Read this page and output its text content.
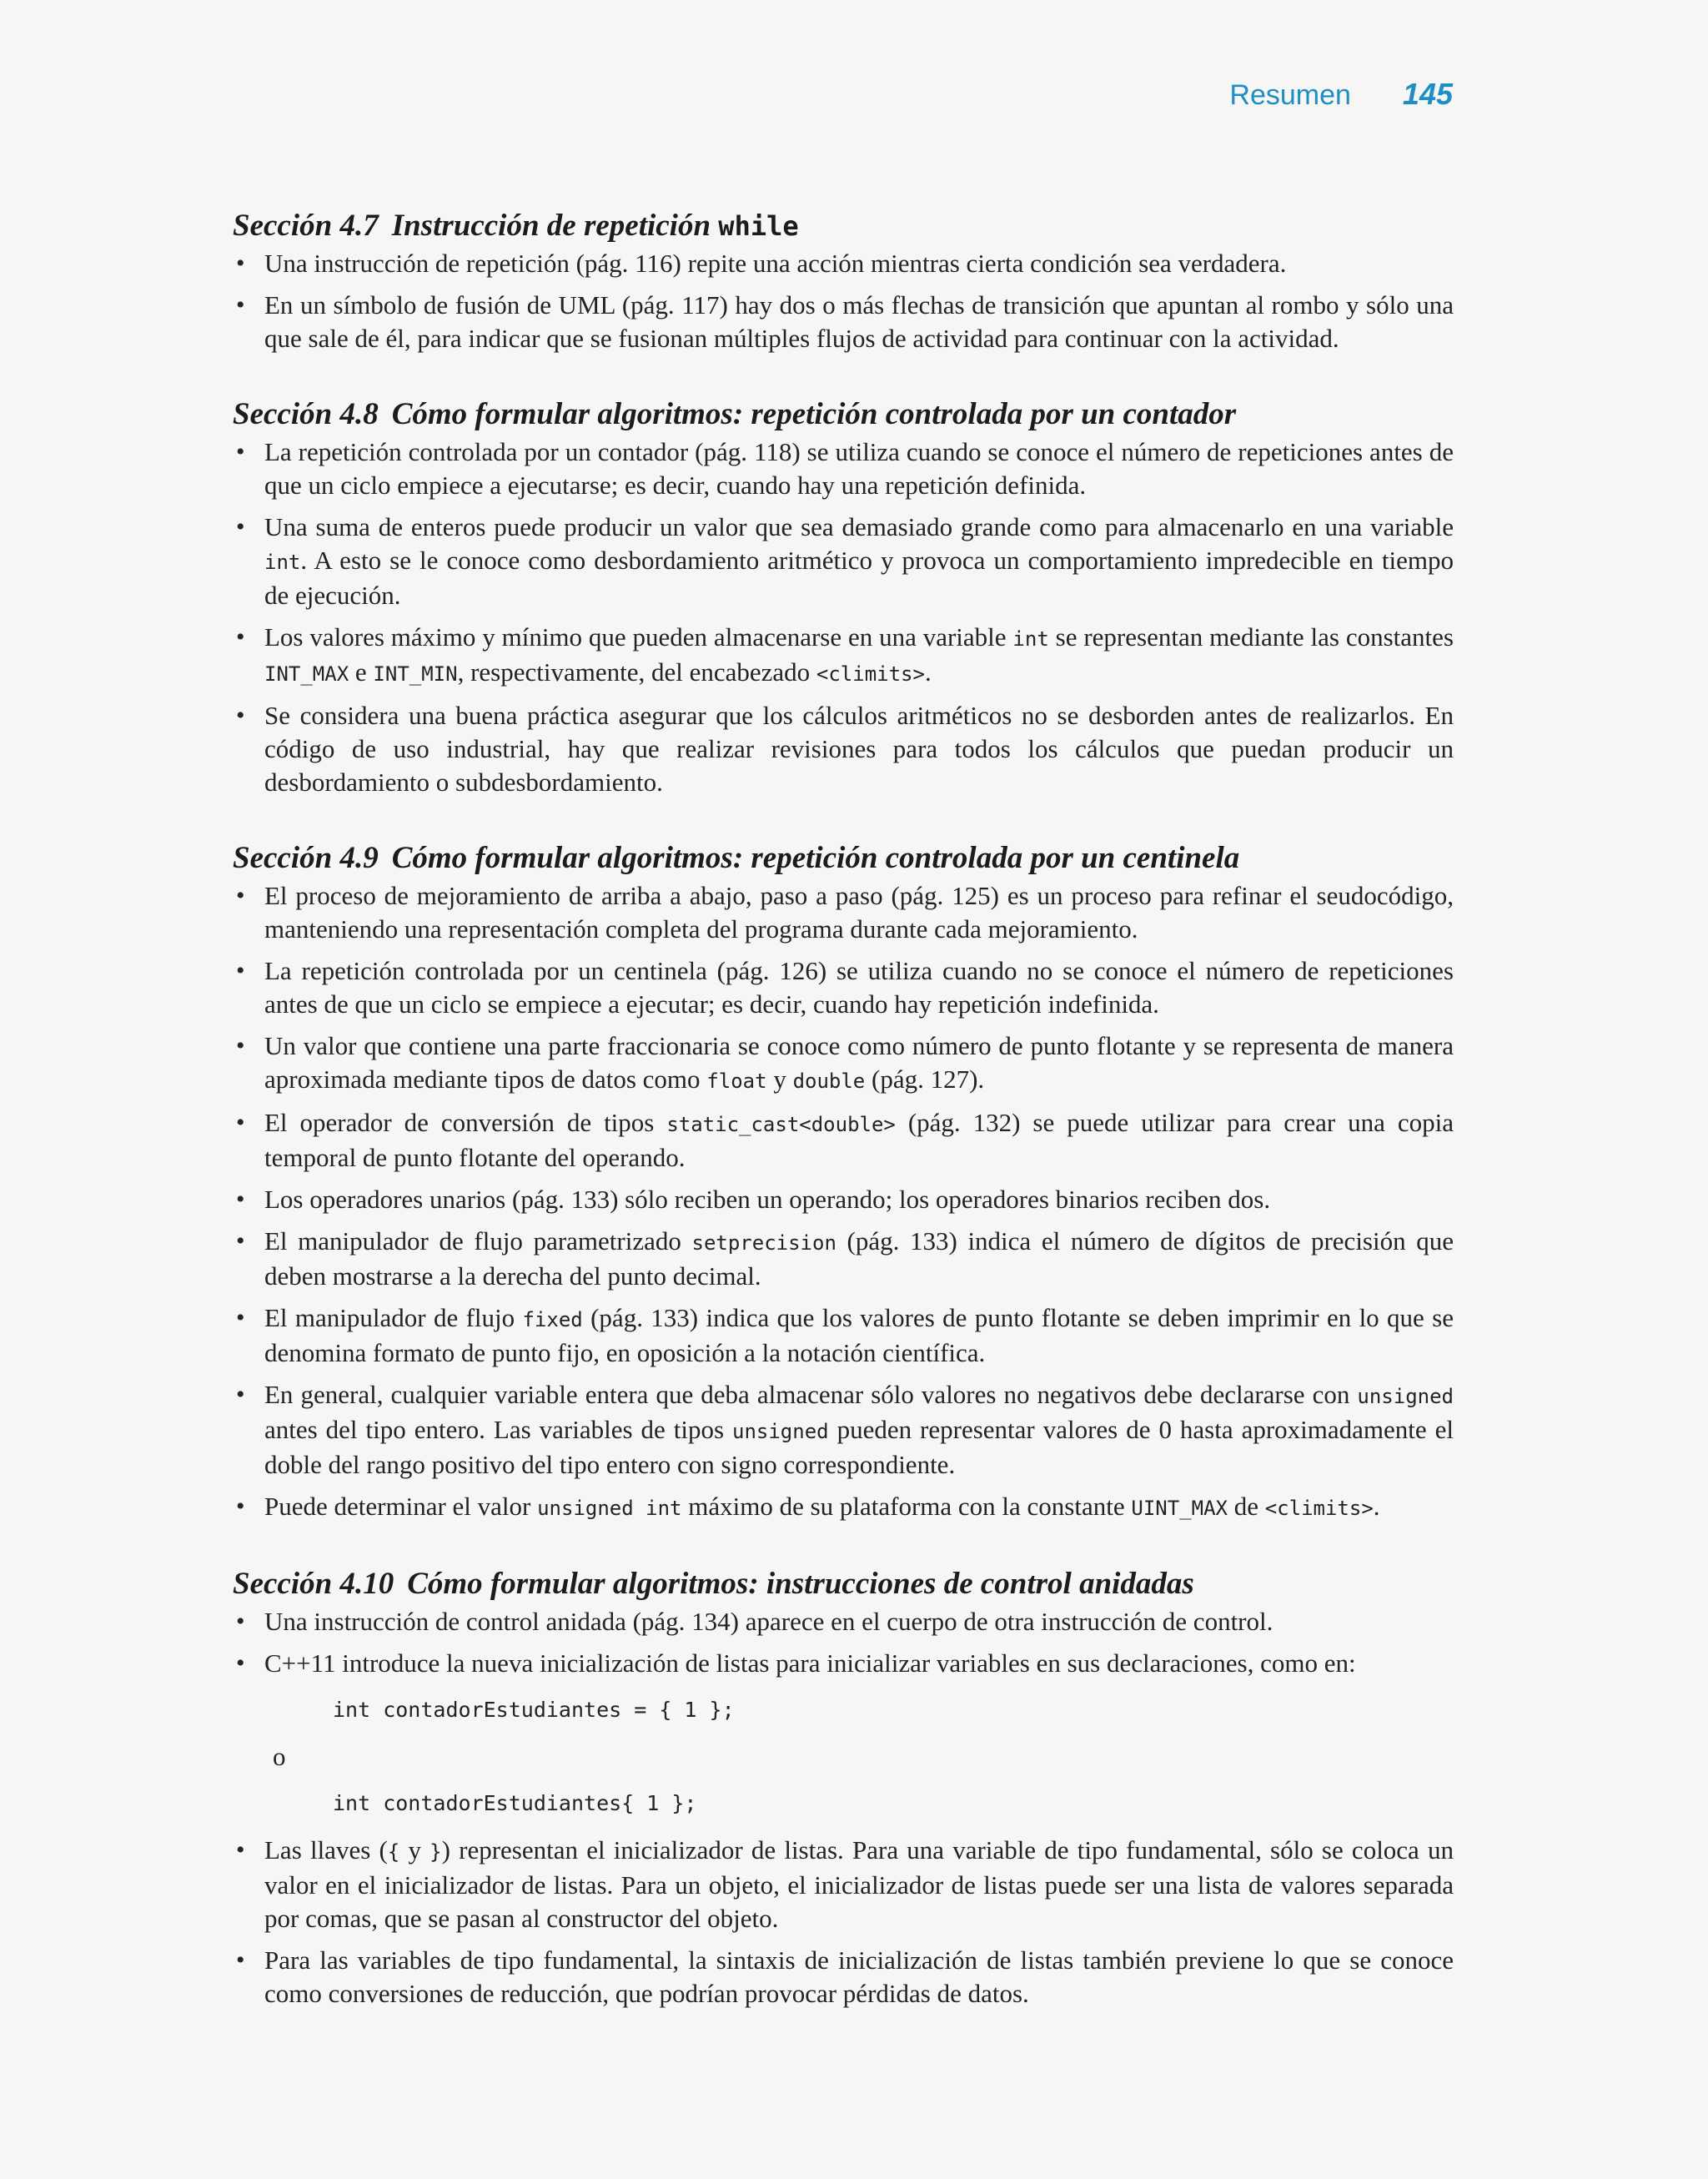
Resumen 145
Sección 4.7 Instrucción de repetición while
• Una instrucción de repetición (pág. 116) repite una acción mientras cierta condición sea verdadera.
• En un símbolo de fusión de UML (pág. 117) hay dos o más flechas de transición que apuntan al rombo y sólo una que sale de él, para indicar que se fusionan múltiples flujos de actividad para continuar con la actividad.
Sección 4.8 Cómo formular algoritmos: repetición controlada por un contador
• La repetición controlada por un contador (pág. 118) se utiliza cuando se conoce el número de repeticiones antes de que un ciclo empiece a ejecutarse; es decir, cuando hay una repetición definida.
• Una suma de enteros puede producir un valor que sea demasiado grande como para almacenarlo en una variable int. A esto se le conoce como desbordamiento aritmético y provoca un comportamiento impredecible en tiempo de ejecución.
• Los valores máximo y mínimo que pueden almacenarse en una variable int se representan mediante las constantes INT_MAX e INT_MIN, respectivamente, del encabezado <climits>.
• Se considera una buena práctica asegurar que los cálculos aritméticos no se desborden antes de realizarlos. En código de uso industrial, hay que realizar revisiones para todos los cálculos que puedan producir un desbordamiento o subdesbordamiento.
Sección 4.9 Cómo formular algoritmos: repetición controlada por un centinela
• El proceso de mejoramiento de arriba a abajo, paso a paso (pág. 125) es un proceso para refinar el seudocódigo, manteniendo una representación completa del programa durante cada mejoramiento.
• La repetición controlada por un centinela (pág. 126) se utiliza cuando no se conoce el número de repeticiones antes de que un ciclo se empiece a ejecutar; es decir, cuando hay repetición indefinida.
• Un valor que contiene una parte fraccionaria se conoce como número de punto flotante y se representa de manera aproximada mediante tipos de datos como float y double (pág. 127).
• El operador de conversión de tipos static_cast<double> (pág. 132) se puede utilizar para crear una copia temporal de punto flotante del operando.
• Los operadores unarios (pág. 133) sólo reciben un operando; los operadores binarios reciben dos.
• El manipulador de flujo parametrizado setprecision (pág. 133) indica el número de dígitos de precisión que deben mostrarse a la derecha del punto decimal.
• El manipulador de flujo fixed (pág. 133) indica que los valores de punto flotante se deben imprimir en lo que se denomina formato de punto fijo, en oposición a la notación científica.
• En general, cualquier variable entera que deba almacenar sólo valores no negativos debe declararse con unsigned antes del tipo entero. Las variables de tipos unsigned pueden representar valores de 0 hasta aproximadamente el doble del rango positivo del tipo entero con signo correspondiente.
• Puede determinar el valor unsigned int máximo de su plataforma con la constante UINT_MAX de <climits>.
Sección 4.10 Cómo formular algoritmos: instrucciones de control anidadas
• Una instrucción de control anidada (pág. 134) aparece en el cuerpo de otra instrucción de control.
• C++11 introduce la nueva inicialización de listas para inicializar variables en sus declaraciones, como en:
int contadorEstudiantes = { 1 };
o
int contadorEstudiantes{ 1 };
• Las llaves ({ y }) representan el inicializador de listas. Para una variable de tipo fundamental, sólo se coloca un valor en el inicializador de listas. Para un objeto, el inicializador de listas puede ser una lista de valores separada por comas, que se pasan al constructor del objeto.
• Para las variables de tipo fundamental, la sintaxis de inicialización de listas también previene lo que se conoce como conversiones de reducción, que podrían provocar pérdidas de datos.
